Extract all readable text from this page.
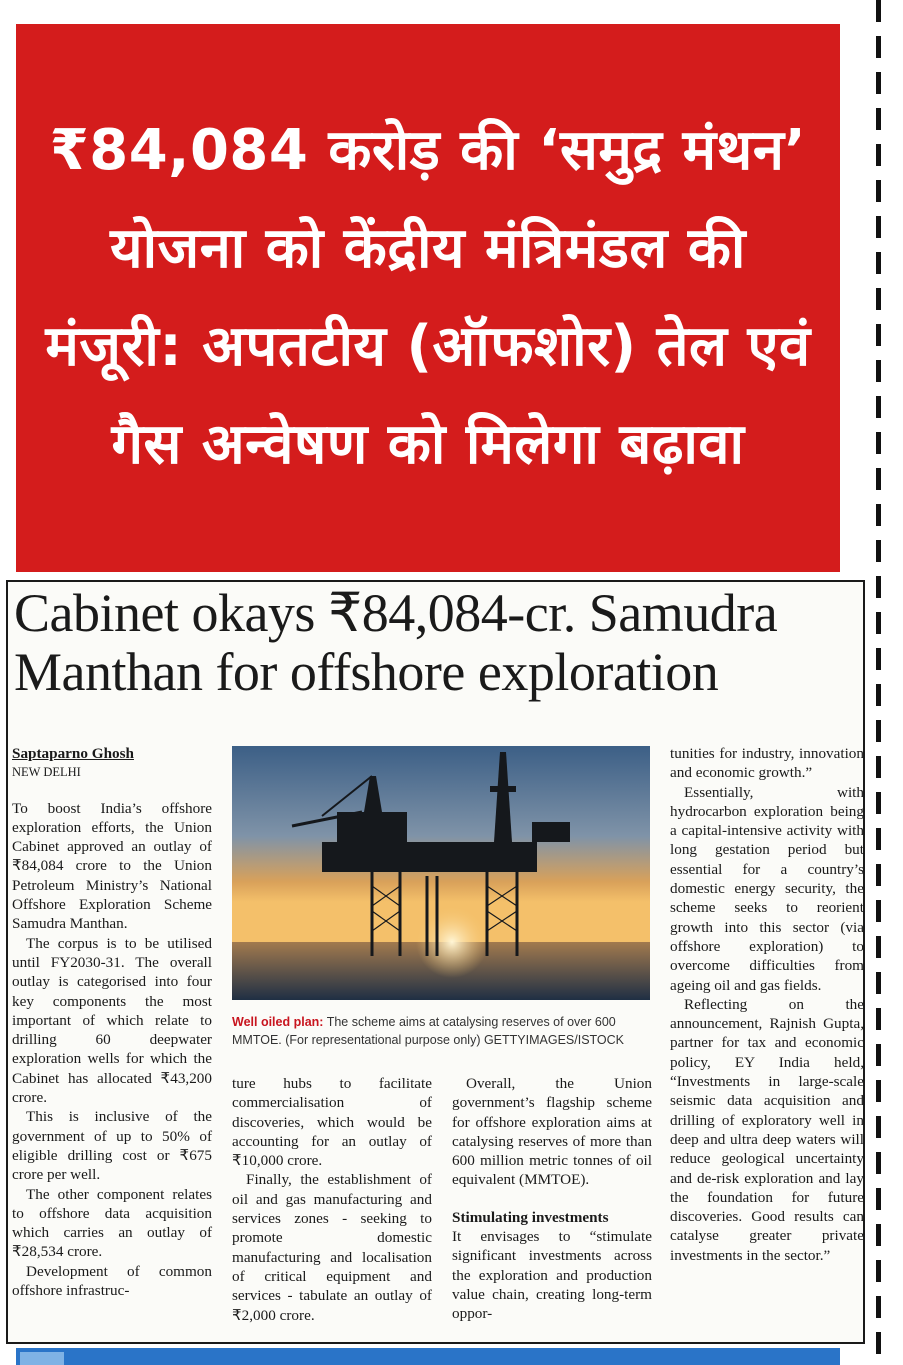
₹84,084 करोड़ की ‘समुद्र मंथन’ योजना को केंद्रीय मंत्रिमंडल की मंजूरी: अपतटीय (ऑफशोर) तेल एवं गैस अन्वेषण को मिलेगा बढ़ावा
Cabinet okays ₹84,084-cr. Samudra Manthan for offshore exploration

Saptaparno Ghosh

NEW DELHI

To boost India’s offshore exploration efforts, the Union Cabinet approved an outlay of ₹84,084 crore to the Union Petroleum Ministry’s National Offshore Exploration Scheme Samudra Manthan.

The corpus is to be utilised until FY2030-31. The overall outlay is categorised into four key components the most important of which relate to drilling 60 deepwater exploration wells for which the Cabinet has allocated ₹43,200 crore.

This is inclusive of the government of up to 50% of eligible drilling cost or ₹675 crore per well.

The other component relates to offshore data acquisition which carries an outlay of ₹28,534 crore.

Development of common offshore infrastruc-

Well oiled plan: The scheme aims at catalysing reserves of over 600 MMTOE. (For representational purpose only) GETTYIMAGES/ISTOCK

ture hubs to facilitate commercialisation of discoveries, which would be accounting for an outlay of ₹10,000 crore.

Finally, the establishment of oil and gas manufacturing and services zones - seeking to promote domestic manufacturing and localisation of critical equipment and services - tabulate an outlay of ₹2,000 crore.

Overall, the Union government’s flagship scheme for offshore exploration aims at catalysing reserves of more than 600 million metric tonnes of oil equivalent (MMTOE).

Stimulating investments

It envisages to “stimulate significant investments across the exploration and production value chain, creating long-term oppor-

tunities for industry, innovation and economic growth.”

Essentially, with hydrocarbon exploration being a capital-intensive activity with long gestation period but essential for a country’s domestic energy security, the scheme seeks to reorient growth into this sector (via offshore exploration) to overcome difficulties from ageing oil and gas fields.

Reflecting on the announcement, Rajnish Gupta, partner for tax and economic policy, EY India held, “Investments in large-scale seismic data acquisition and drilling of exploratory well in deep and ultra deep waters will reduce geological uncertainty and de-risk exploration and lay the foundation for future discoveries. Good results can catalyse greater private investments in the sector.”
